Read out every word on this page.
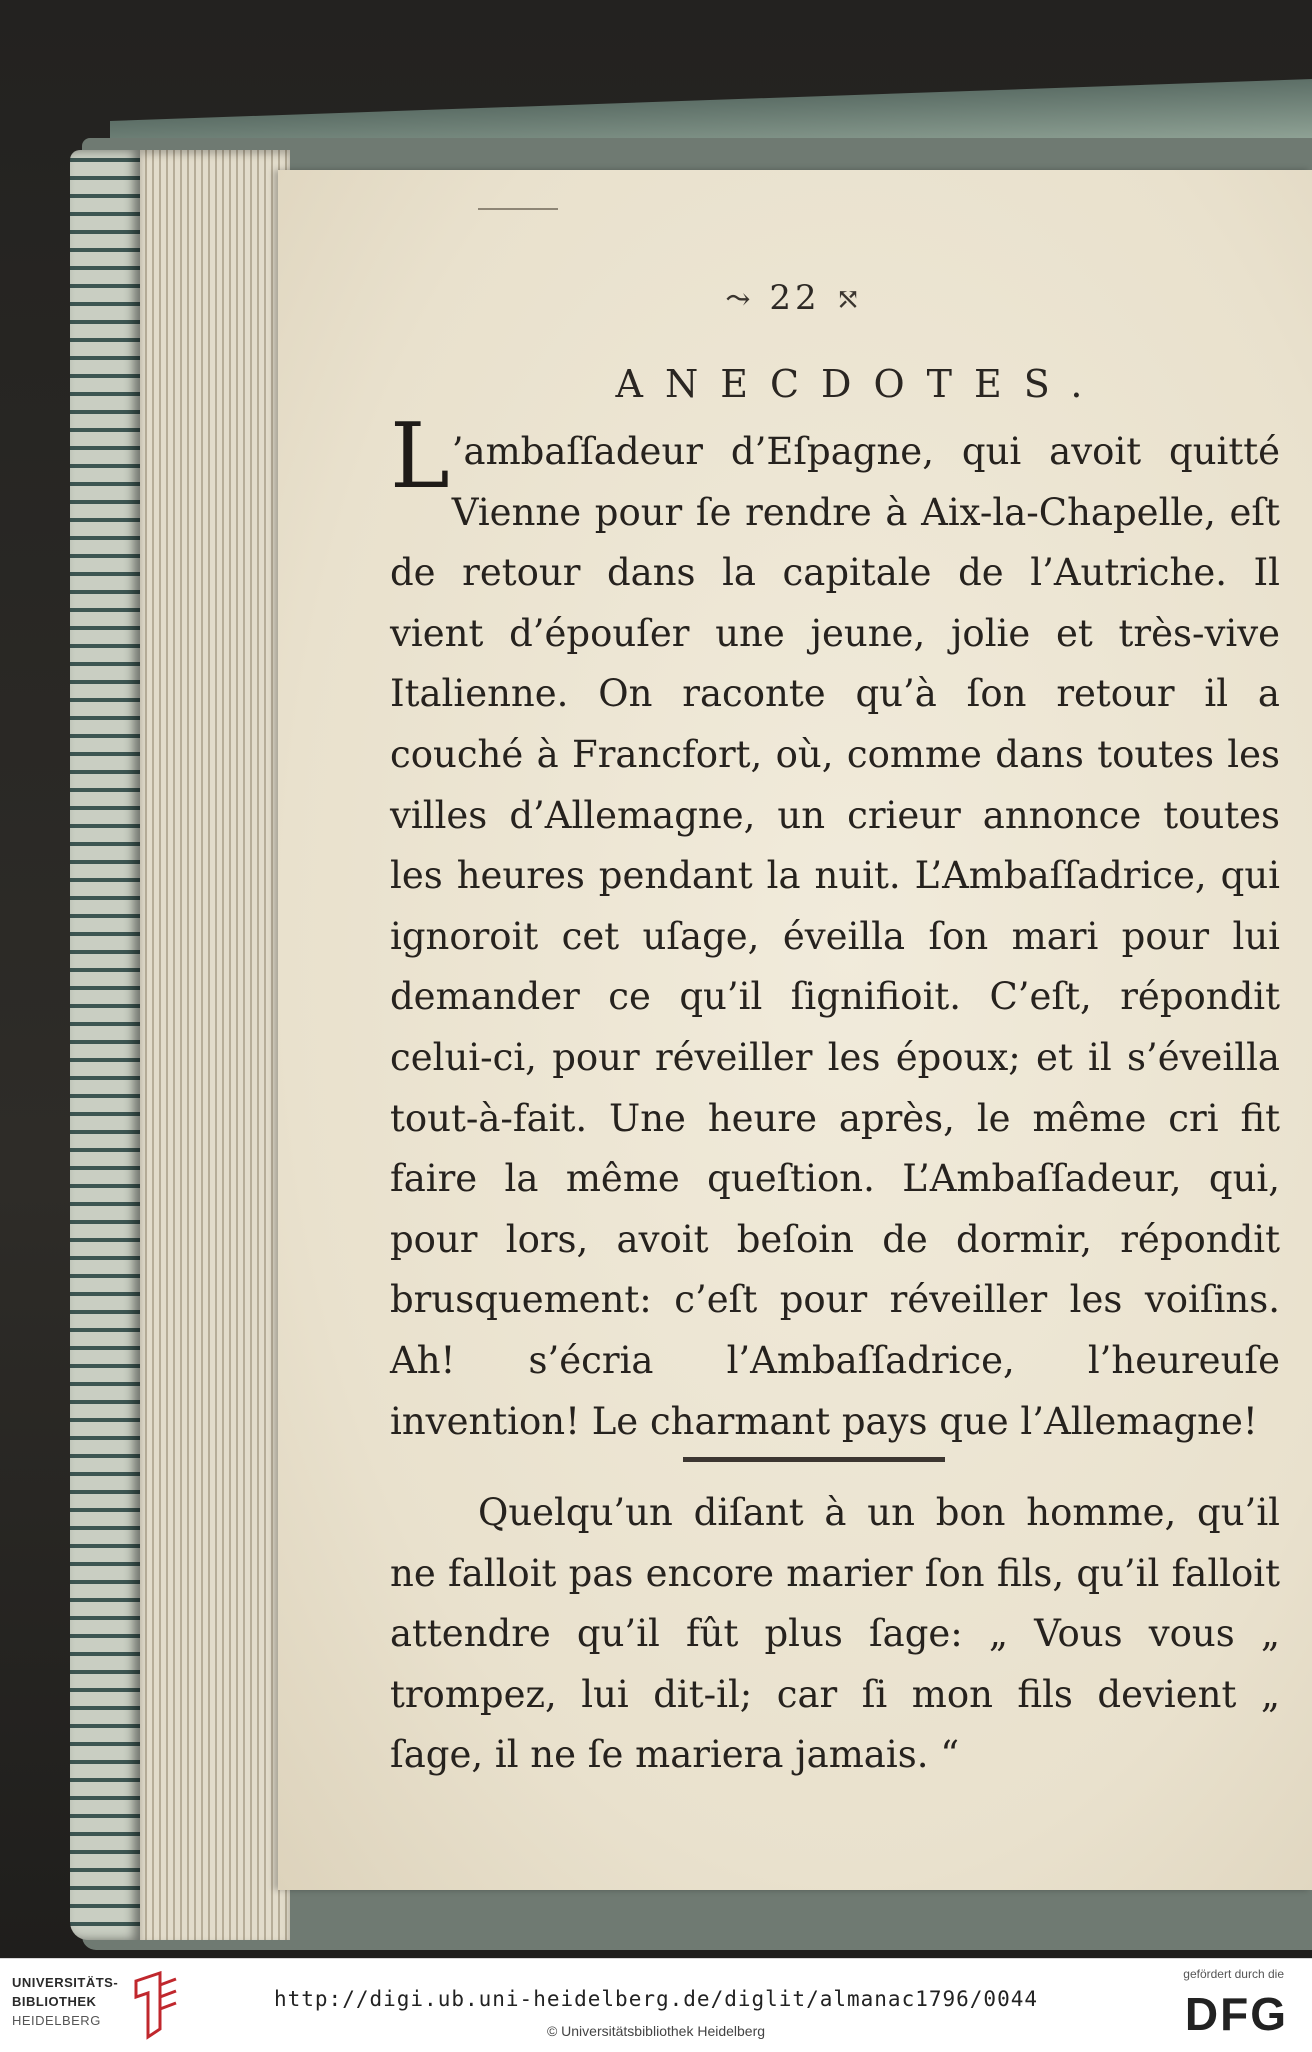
⤳ 22 ⤲
ANECDOTES.

L ’ambaſſadeur d’Eſpagne, qui avoit quitté Vienne pour ſe rendre à Aix-la-Chapelle, eſt de retour dans la capitale de l’Autriche. Il vient d’épouſer une jeune, jolie et très-vive Italienne. On raconte qu’à ſon retour il a couché à Francfort, où, comme dans toutes les villes d’Allemagne, un crieur annonce toutes les heures pendant la nuit. L’Ambaſſadrice, qui ignoroit cet uſage, éveilla ſon mari pour lui demander ce qu’il ſignifioit. C’eſt, répondit celui-ci, pour réveiller les époux; et il s’éveilla tout-à-fait. Une heure après, le même cri fit faire la même queſtion. L’Ambaſſadeur, qui, pour lors, avoit beſoin de dormir, répondit brusquement: c’eſt pour réveiller les voiſins. Ah! s’écria l’Ambaſſadrice, l’heureuſe invention! Le charmant pays que l’Allemagne!

Quelqu’un diſant à un bon homme, qu’il ne falloit pas encore marier ſon fils, qu’il falloit attendre qu’il fût plus ſage: „ Vous vous „ trompez, lui dit-il; car ſi mon fils devient „ ſage, il ne ſe mariera jamais. “

UNIVERSITÄTS-
BIBLIOTHEK
HEIDELBERG
http://digi.ub.uni-heidelberg.de/diglit/almanac1796/0044
© Universitätsbibliothek Heidelberg
gefördert durch die
DFG
